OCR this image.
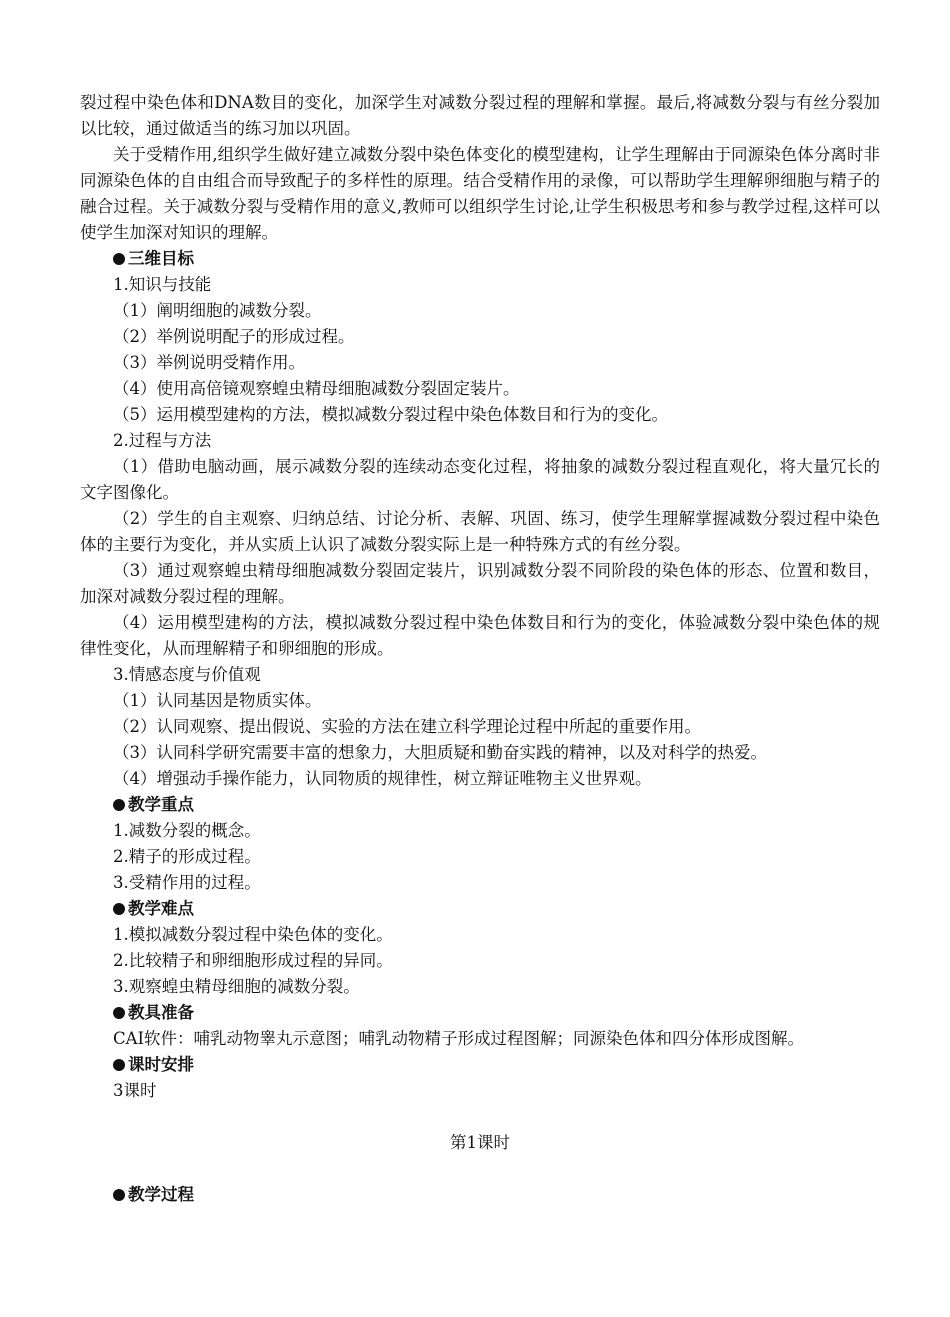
裂过程中染色体和DNA数目的变化，加深学生对减数分裂过程的理解和掌握。最后,将减数分裂与有丝分裂加以比较，通过做适当的练习加以巩固。

关于受精作用,组织学生做好建立减数分裂中染色体变化的模型建构，让学生理解由于同源染色体分离时非同源染色体的自由组合而导致配子的多样性的原理。结合受精作用的录像，可以帮助学生理解卵细胞与精子的融合过程。关于减数分裂与受精作用的意义,教师可以组织学生讨论,让学生积极思考和参与教学过程,这样可以使学生加深对知识的理解。

三维目标

1.知识与技能

（1）阐明细胞的减数分裂。

（2）举例说明配子的形成过程。

（3）举例说明受精作用。

（4）使用高倍镜观察蝗虫精母细胞减数分裂固定装片。

（5）运用模型建构的方法，模拟减数分裂过程中染色体数目和行为的变化。

2.过程与方法

（1）借助电脑动画，展示减数分裂的连续动态变化过程，将抽象的减数分裂过程直观化，将大量冗长的文字图像化。

（2）学生的自主观察、归纳总结、讨论分析、表解、巩固、练习，使学生理解掌握减数分裂过程中染色体的主要行为变化，并从实质上认识了减数分裂实际上是一种特殊方式的有丝分裂。

（3）通过观察蝗虫精母细胞减数分裂固定装片，识别减数分裂不同阶段的染色体的形态、位置和数目，加深对减数分裂过程的理解。

（4）运用模型建构的方法，模拟减数分裂过程中染色体数目和行为的变化，体验减数分裂中染色体的规律性变化，从而理解精子和卵细胞的形成。

3.情感态度与价值观

（1）认同基因是物质实体。

（2）认同观察、提出假说、实验的方法在建立科学理论过程中所起的重要作用。

（3）认同科学研究需要丰富的想象力，大胆质疑和勤奋实践的精神，以及对科学的热爱。

（4）增强动手操作能力，认同物质的规律性，树立辩证唯物主义世界观。

教学重点

1.减数分裂的概念。

2.精子的形成过程。

3.受精作用的过程。

教学难点

1.模拟减数分裂过程中染色体的变化。

2.比较精子和卵细胞形成过程的异同。

3.观察蝗虫精母细胞的减数分裂。

教具准备

CAI软件：哺乳动物睾丸示意图；哺乳动物精子形成过程图解；同源染色体和四分体形成图解。

课时安排

3课时

第1课时

教学过程
